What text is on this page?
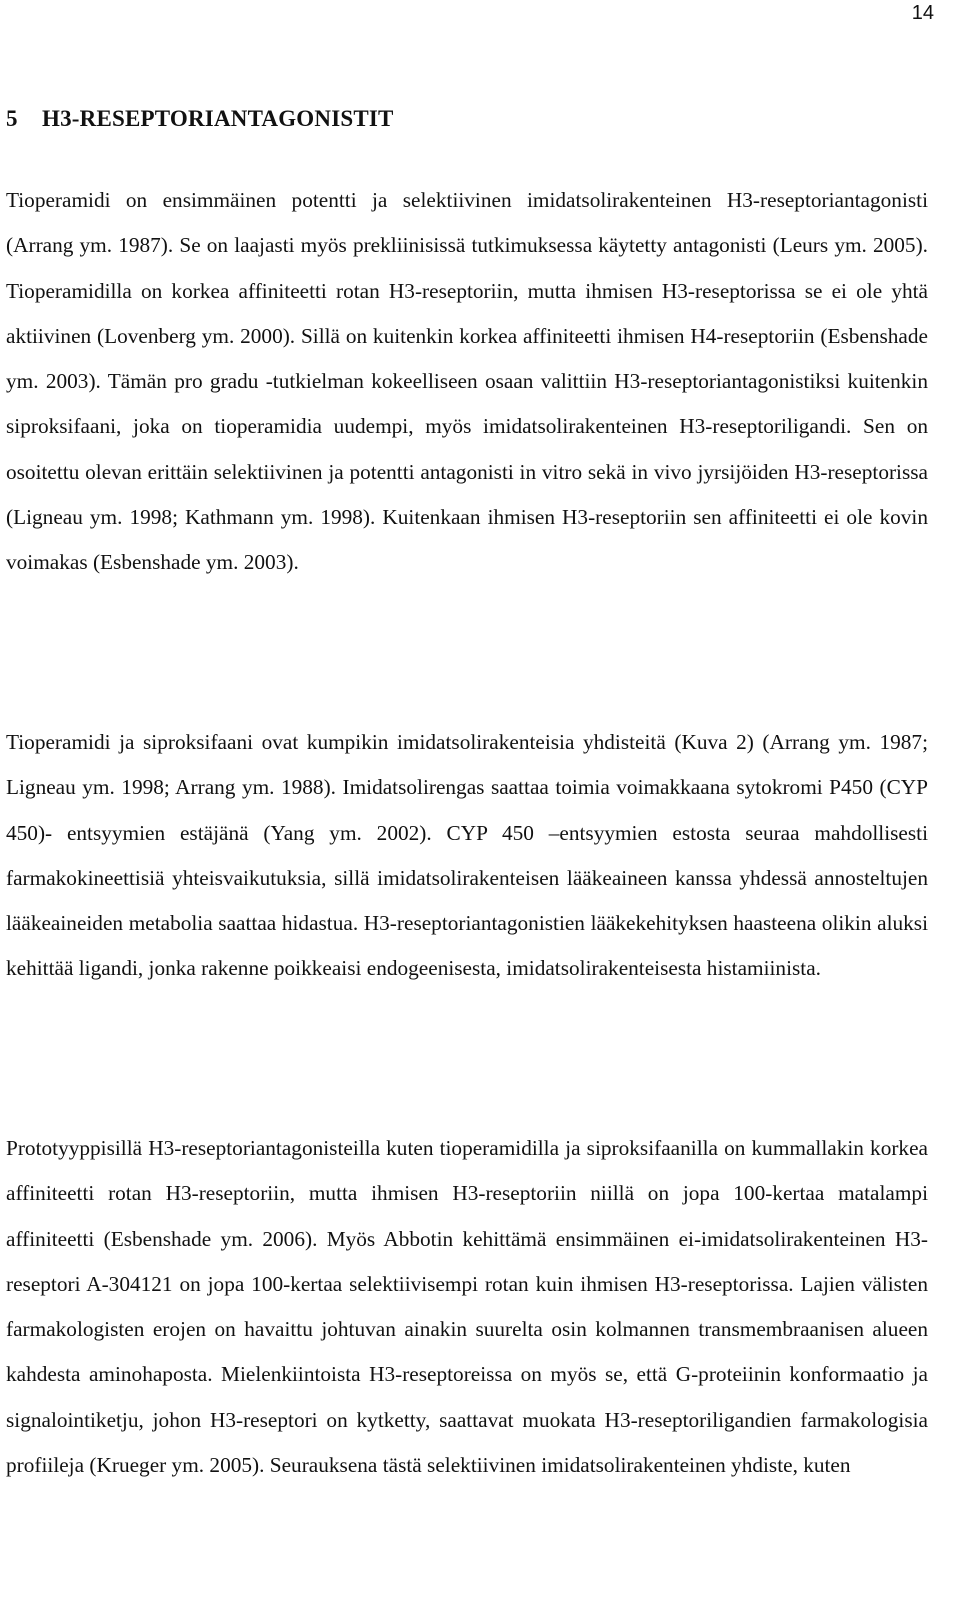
14
5 H3-RESEPTORIANTAGONISTIT

Tioperamidi on ensimmäinen potentti ja selektiivinen imidatsolirakenteinen H3-reseptoriantagonisti (Arrang ym. 1987). Se on laajasti myös prekliinisissä tutkimuksessa käytetty antagonisti (Leurs ym. 2005). Tioperamidilla on korkea affiniteetti rotan H3-reseptoriin, mutta ihmisen H3-reseptorissa se ei ole yhtä aktiivinen (Lovenberg ym. 2000). Sillä on kuitenkin korkea affiniteetti ihmisen H4-reseptoriin (Esbenshade ym. 2003). Tämän pro gradu -tutkielman kokeelliseen osaan valittiin H3-reseptoriantagonistiksi kuitenkin siproksifaani, joka on tioperamidia uudempi, myös imidatsolirakenteinen H3-reseptoriligandi. Sen on osoitettu olevan erittäin selektiivinen ja potentti antagonisti in vitro sekä in vivo jyrsijöiden H3-reseptorissa (Ligneau ym. 1998; Kathmann ym. 1998). Kuitenkaan ihmisen H3-reseptoriin sen affiniteetti ei ole kovin voimakas (Esbenshade ym. 2003).

Tioperamidi ja siproksifaani ovat kumpikin imidatsolirakenteisia yhdisteitä (Kuva 2) (Arrang ym. 1987; Ligneau ym. 1998; Arrang ym. 1988). Imidatsolirengas saattaa toimia voimakkaana sytokromi P450 (CYP 450)- entsyymien estäjänä (Yang ym. 2002). CYP 450 –entsyymien estosta seuraa mahdollisesti farmakokineettisiä yhteisvaikutuksia, sillä imidatsolirakenteisen lääkeaineen kanssa yhdessä annosteltujen lääkeaineiden metabolia saattaa hidastua. H3-reseptoriantagonistien lääkekehityksen haasteena olikin aluksi kehittää ligandi, jonka rakenne poikkeaisi endogeenisesta, imidatsolirakenteisesta histamiinista.

Prototyyppisillä H3-reseptoriantagonisteilla kuten tioperamidilla ja siproksifaanilla on kummallakin korkea affiniteetti rotan H3-reseptoriin, mutta ihmisen H3-reseptoriin niillä on jopa 100-kertaa matalampi affiniteetti (Esbenshade ym. 2006). Myös Abbotin kehittämä ensimmäinen ei-imidatsolirakenteinen H3-reseptori A-304121 on jopa 100-kertaa selektiivisempi rotan kuin ihmisen H3-reseptorissa. Lajien välisten farmakologisten erojen on havaittu johtuvan ainakin suurelta osin kolmannen transmembraanisen alueen kahdesta aminohaposta. Mielenkiintoista H3-reseptoreissa on myös se, että G-proteiinin konformaatio ja signalointiketju, johon H3-reseptori on kytketty, saattavat muokata H3-reseptoriligandien farmakologisia profiileja (Krueger ym. 2005). Seurauksena tästä selektiivinen imidatsolirakenteinen yhdiste, kuten
